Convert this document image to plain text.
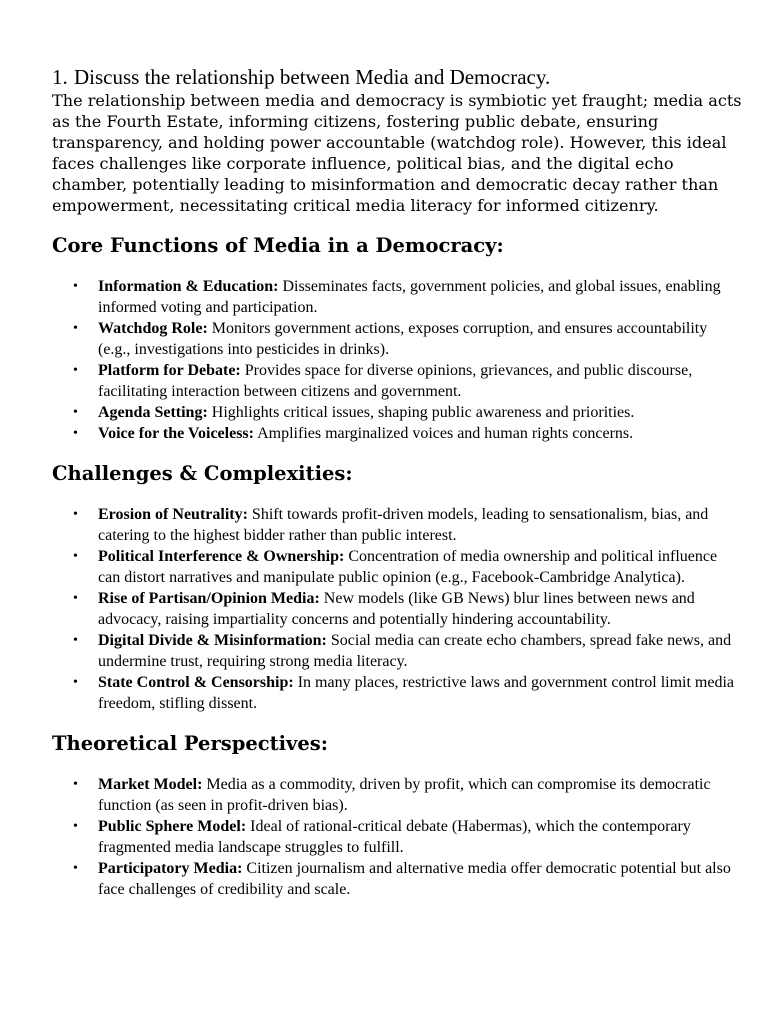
1. Discuss the relationship between Media and Democracy.

The relationship between media and democracy is symbiotic yet fraught; media acts as the Fourth Estate, informing citizens, fostering public debate, ensuring transparency, and holding power accountable (watchdog role). However, this ideal faces challenges like corporate influence, political bias, and the digital echo chamber, potentially leading to misinformation and democratic decay rather than empowerment, necessitating critical media literacy for informed citizenry.

Core Functions of Media in a Democracy:
• Information & Education: Disseminates facts, government policies, and global issues, enabling informed voting and participation.
• Watchdog Role: Monitors government actions, exposes corruption, and ensures accountability (e.g., investigations into pesticides in drinks).
• Platform for Debate: Provides space for diverse opinions, grievances, and public discourse, facilitating interaction between citizens and government.
• Agenda Setting: Highlights critical issues, shaping public awareness and priorities.
• Voice for the Voiceless: Amplifies marginalized voices and human rights concerns.
Challenges & Complexities:
• Erosion of Neutrality: Shift towards profit-driven models, leading to sensationalism, bias, and catering to the highest bidder rather than public interest.
• Political Interference & Ownership: Concentration of media ownership and political influence can distort narratives and manipulate public opinion (e.g., Facebook-Cambridge Analytica).
• Rise of Partisan/Opinion Media: New models (like GB News) blur lines between news and advocacy, raising impartiality concerns and potentially hindering accountability.
• Digital Divide & Misinformation: Social media can create echo chambers, spread fake news, and undermine trust, requiring strong media literacy.
• State Control & Censorship: In many places, restrictive laws and government control limit media freedom, stifling dissent.
Theoretical Perspectives:
• Market Model: Media as a commodity, driven by profit, which can compromise its democratic function (as seen in profit-driven bias).
• Public Sphere Model: Ideal of rational-critical debate (Habermas), which the contemporary fragmented media landscape struggles to fulfill.
• Participatory Media: Citizen journalism and alternative media offer democratic potential but also face challenges of credibility and scale.
